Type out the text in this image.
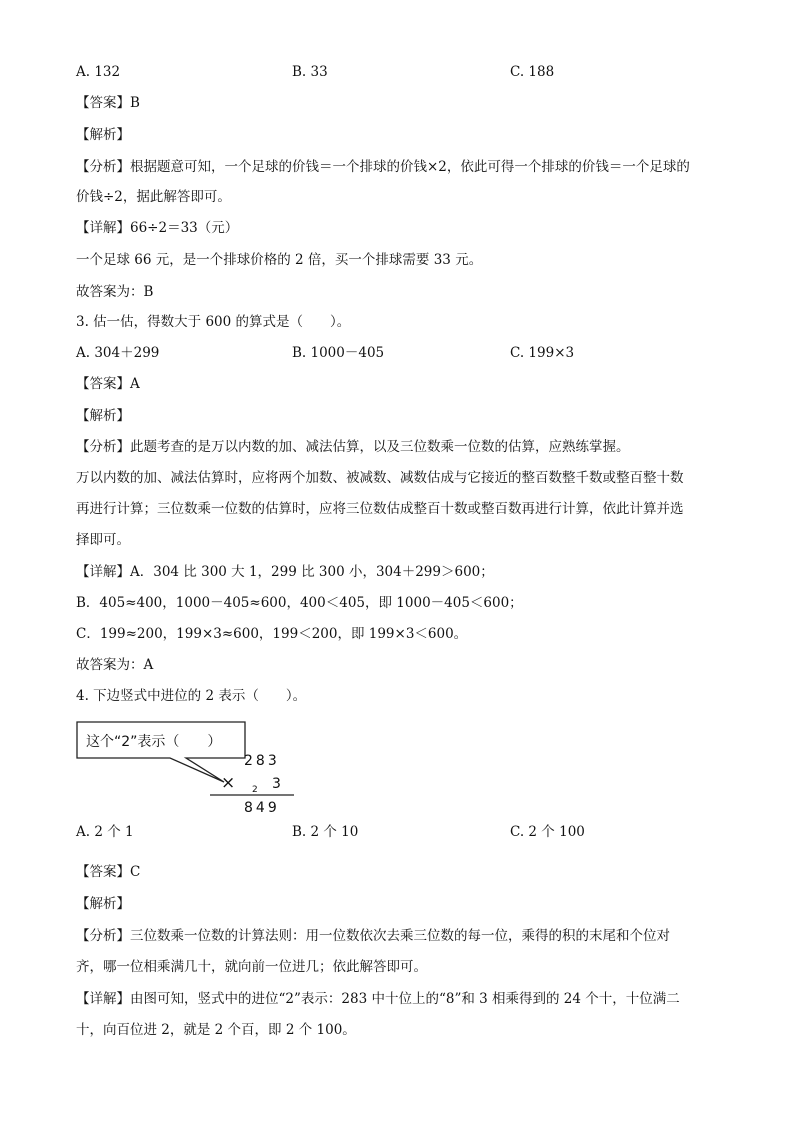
A. 132	B. 33	C. 188
【答案】B
【解析】
【分析】根据题意可知，一个足球的价钱＝一个排球的价钱×2，依此可得一个排球的价钱＝一个足球的
价钱÷2，据此解答即可。
【详解】66÷2＝33（元）
一个足球 66 元，是一个排球价格的 2 倍，买一个排球需要 33 元。
故答案为：B
3. 估一估，得数大于 600 的算式是（　　）。
A. 304＋299	B. 1000－405	C. 199×3
【答案】A
【解析】
【分析】此题考查的是万以内数的加、减法估算，以及三位数乘一位数的估算，应熟练掌握。
万以内数的加、减法估算时，应将两个加数、被减数、减数估成与它接近的整百数整千数或整百整十数
再进行计算；三位数乘一位数的估算时，应将三位数估成整百十数或整百数再进行计算，依此计算并选
择即可。
【详解】A．304 比 300 大 1，299 比 300 小，304＋299＞600；
B．405≈400，1000－405≈600，400＜405，即 1000－405＜600；
C．199≈200，199×3≈600，199＜200，即 199×3＜600。
故答案为：A
4. 下边竖式中进位的 2 表示（　　）。
这个“2”表示（　　）
283
× 2 3
849
A. 2 个 1	B. 2 个 10	C. 2 个 100
【答案】C
【解析】
【分析】三位数乘一位数的计算法则：用一位数依次去乘三位数的每一位，乘得的积的末尾和个位对
齐，哪一位相乘满几十，就向前一位进几；依此解答即可。
【详解】由图可知，竖式中的进位“2”表示：283 中十位上的“8”和 3 相乘得到的 24 个十，十位满二
十，向百位进 2，就是 2 个百，即 2 个 100。
